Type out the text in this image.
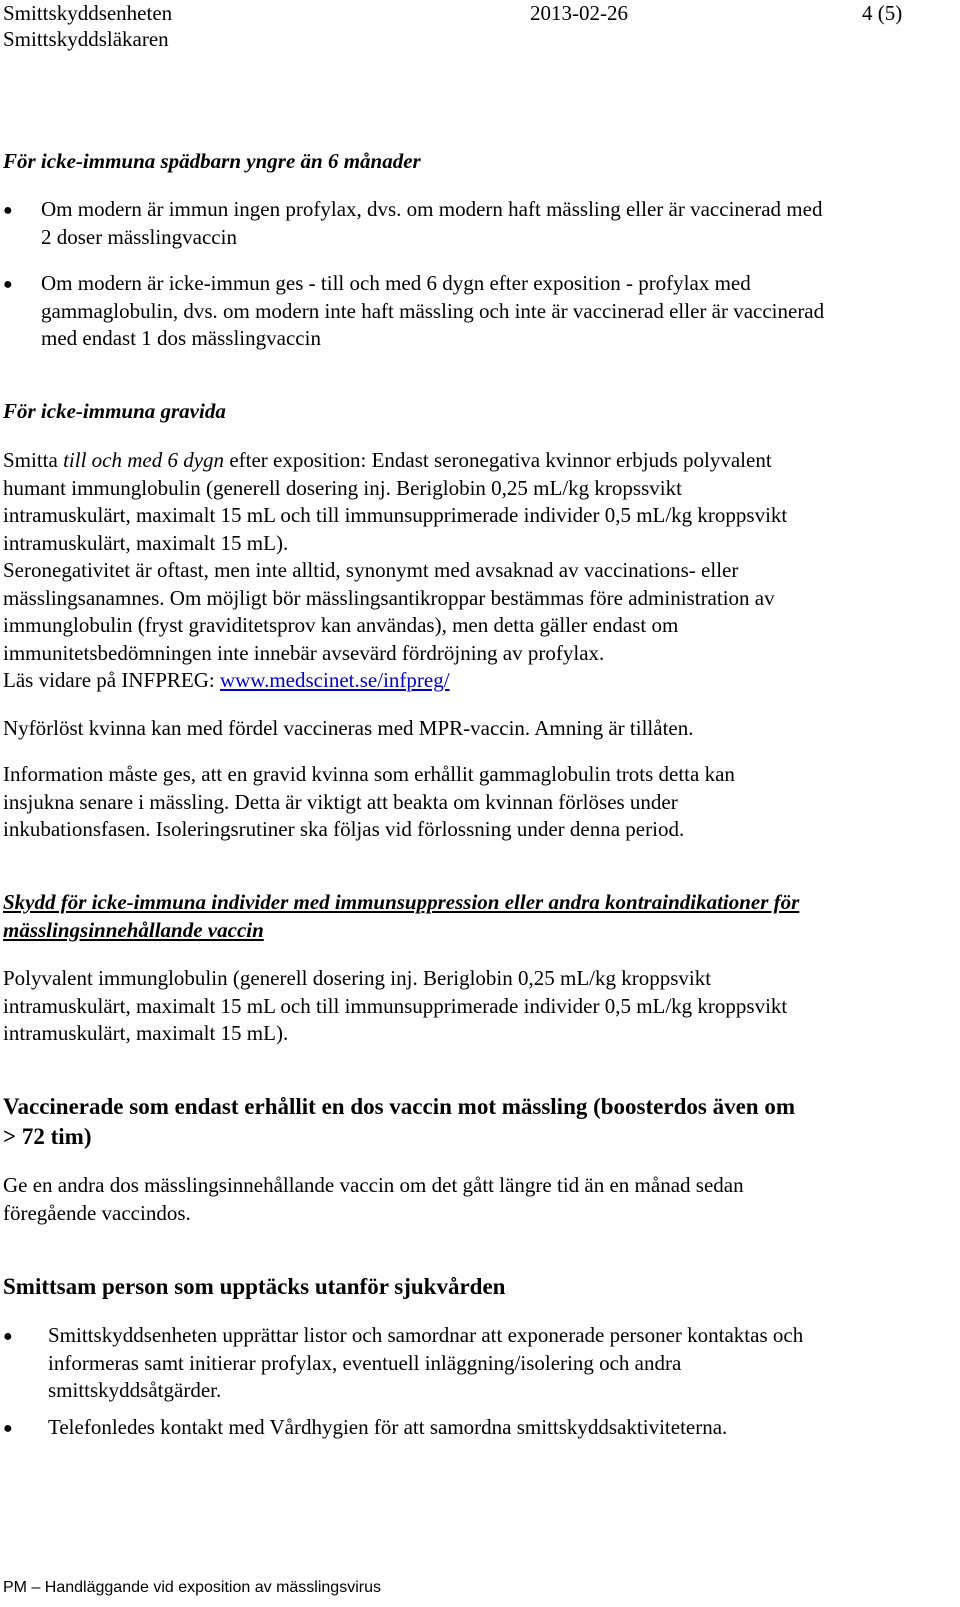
Smittskyddsenheten
Smittskyddsläkaren
2013-02-26	4 (5)
För icke-immuna spädbarn yngre än 6 månader
● Om modern är immun ingen profylax, dvs. om modern haft mässling eller är vaccinerad med
2 doser mässlingvaccin
● Om modern är icke-immun ges - till och med 6 dygn efter exposition - profylax med
gammaglobulin, dvs. om modern inte haft mässling och inte är vaccinerad eller är vaccinerad
med endast 1 dos mässlingvaccin
För icke-immuna gravida
Smitta till och med 6 dygn efter exposition: Endast seronegativa kvinnor erbjuds polyvalent
humant immunglobulin (generell dosering inj. Beriglobin 0,25 mL/kg kropssvikt
intramuskulärt, maximalt 15 mL och till immunsupprimerade individer 0,5 mL/kg kroppsvikt
intramuskulärt, maximalt 15 mL).
Seronegativitet är oftast, men inte alltid, synonymt med avsaknad av vaccinations- eller
mässlingsanamnes. Om möjligt bör mässlingsantikroppar bestämmas före administration av
immunglobulin (fryst graviditetsprov kan användas), men detta gäller endast om
immunitetsbedömningen inte innebär avsevärd fördröjning av profylax.
Läs vidare på INFPREG: www.medscinet.se/infpreg/
Nyförlöst kvinna kan med fördel vaccineras med MPR-vaccin. Amning är tillåten.
Information måste ges, att en gravid kvinna som erhållit gammaglobulin trots detta kan
insjukna senare i mässling. Detta är viktigt att beakta om kvinnan förlöses under
inkubationsfasen. Isoleringsrutiner ska följas vid förlossning under denna period.
Skydd för icke-immuna individer med immunsuppression eller andra kontraindikationer för
mässlingsinnehållande vaccin
Polyvalent immunglobulin (generell dosering inj. Beriglobin 0,25 mL/kg kroppsvikt
intramuskulärt, maximalt 15 mL och till immunsupprimerade individer 0,5 mL/kg kroppsvikt
intramuskulärt, maximalt 15 mL).
Vaccinerade som endast erhållit en dos vaccin mot mässling (boosterdos även om
> 72 tim)
Ge en andra dos mässlingsinnehållande vaccin om det gått längre tid än en månad sedan
föregående vaccindos.
Smittsam person som upptäcks utanför sjukvården
● Smittskyddsenheten upprättar listor och samordnar att exponerade personer kontaktas och
informeras samt initierar profylax, eventuell inläggning/isolering och andra
smittskyddsåtgärder.
● Telefonledes kontakt med Vårdhygien för att samordna smittskyddsaktiviteterna.
PM – Handläggande vid exposition av mässlingsvirus
